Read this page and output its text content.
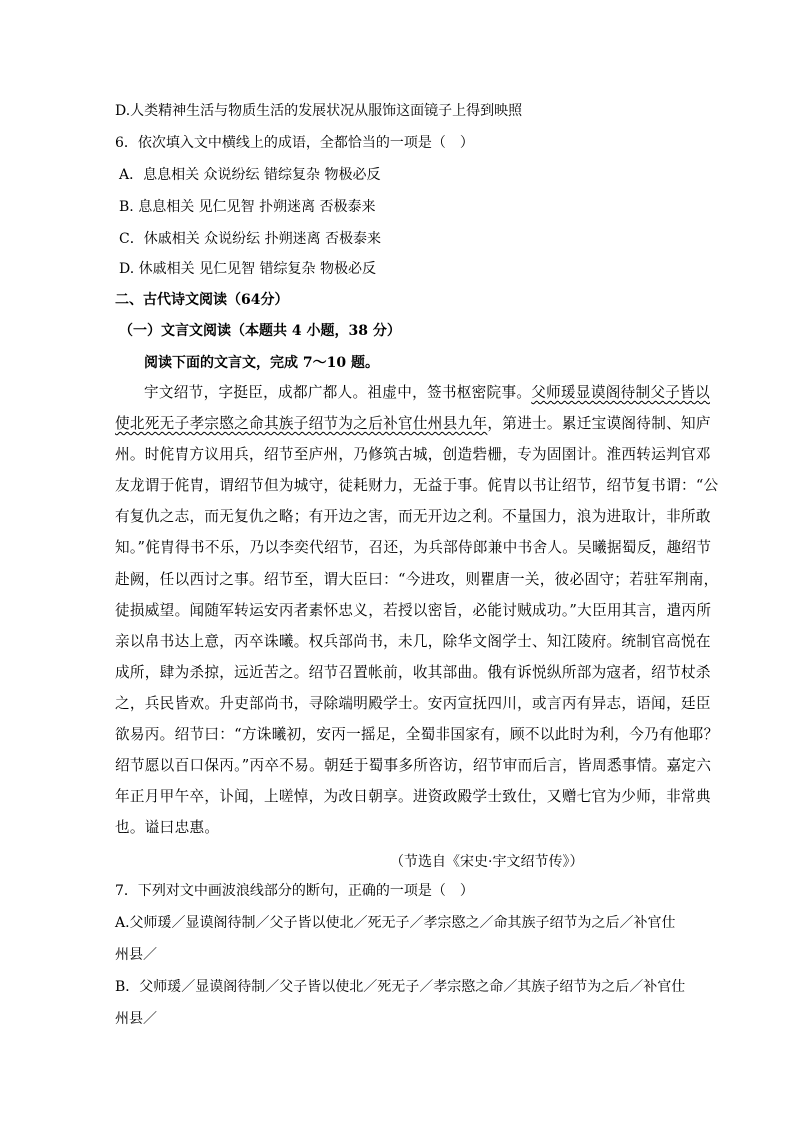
D.人类精神生活与物质生活的发展状况从服饰这面镜子上得到映照
6．依次填入文中横线上的成语，全都恰当的一项是（　）
A．息息相关 众说纷纭 错综复杂 物极必反
B. 息息相关 见仁见智 扑朔迷离 否极泰来
C．休戚相关 众说纷纭 扑朔迷离 否极泰来
D. 休戚相关 见仁见智 错综复杂 物极必反
二、古代诗文阅读（64分）
（一）文言文阅读（本题共 4 小题，38 分）
阅读下面的文言文，完成 7～10 题。
宇文绍节，字挺臣，成都广都人。祖虚中，签书枢密院事。父师瑗显谟阁待制父子皆以
使北死无子孝宗愍之命其族子绍节为之后补官仕州县九年，第进士。累迁宝谟阁待制、知庐
州。时侂胄方议用兵，绍节至庐州，乃修筑古城，创造砦栅，专为固圉计。淮西转运判官邓
友龙谓于侂胄，谓绍节但为城守，徒耗财力，无益于事。侂胄以书让绍节，绍节复书谓：“公
有复仇之志，而无复仇之略；有开边之害，而无开边之利。不量国力，浪为进取计，非所敢
知。”侂胄得书不乐，乃以李奕代绍节，召还，为兵部侍郎兼中书舍人。吴曦据蜀反，趣绍节
赴阙，任以西讨之事。绍节至，谓大臣曰：“今进攻，则瞿唐一关，彼必固守；若驻军荆南，
徒损威望。闻随军转运安丙者素怀忠义，若授以密旨，必能讨贼成功。”大臣用其言，遣丙所
亲以帛书达上意，丙卒诛曦。权兵部尚书，未几，除华文阁学士、知江陵府。统制官高悦在
成所，肆为杀掠，远近苦之。绍节召置帐前，收其部曲。俄有诉悦纵所部为寇者，绍节杖杀
之，兵民皆欢。升吏部尚书，寻除端明殿学士。安丙宣抚四川，或言丙有异志，语闻，廷臣
欲易丙。绍节曰：“方诛曦初，安丙一摇足，全蜀非国家有，顾不以此时为利，今乃有他耶？
绍节愿以百口保丙。”丙卒不易。朝廷于蜀事多所咨访，绍节审而后言，皆周悉事情。嘉定六
年正月甲午卒，讣闻，上嗟悼，为改日朝享。进资政殿学士致仕，又赠七官为少师，非常典
也。谥曰忠惠。
（节选自《宋史·宇文绍节传》）
7．下列对文中画波浪线部分的断句，正确的一项是（　）
A.父师瑗／显谟阁待制／父子皆以使北／死无子／孝宗愍之／命其族子绍节为之后／补官仕
州县／
B．父师瑗／显谟阁待制／父子皆以使北／死无子／孝宗愍之命／其族子绍节为之后／补官仕
州县／
